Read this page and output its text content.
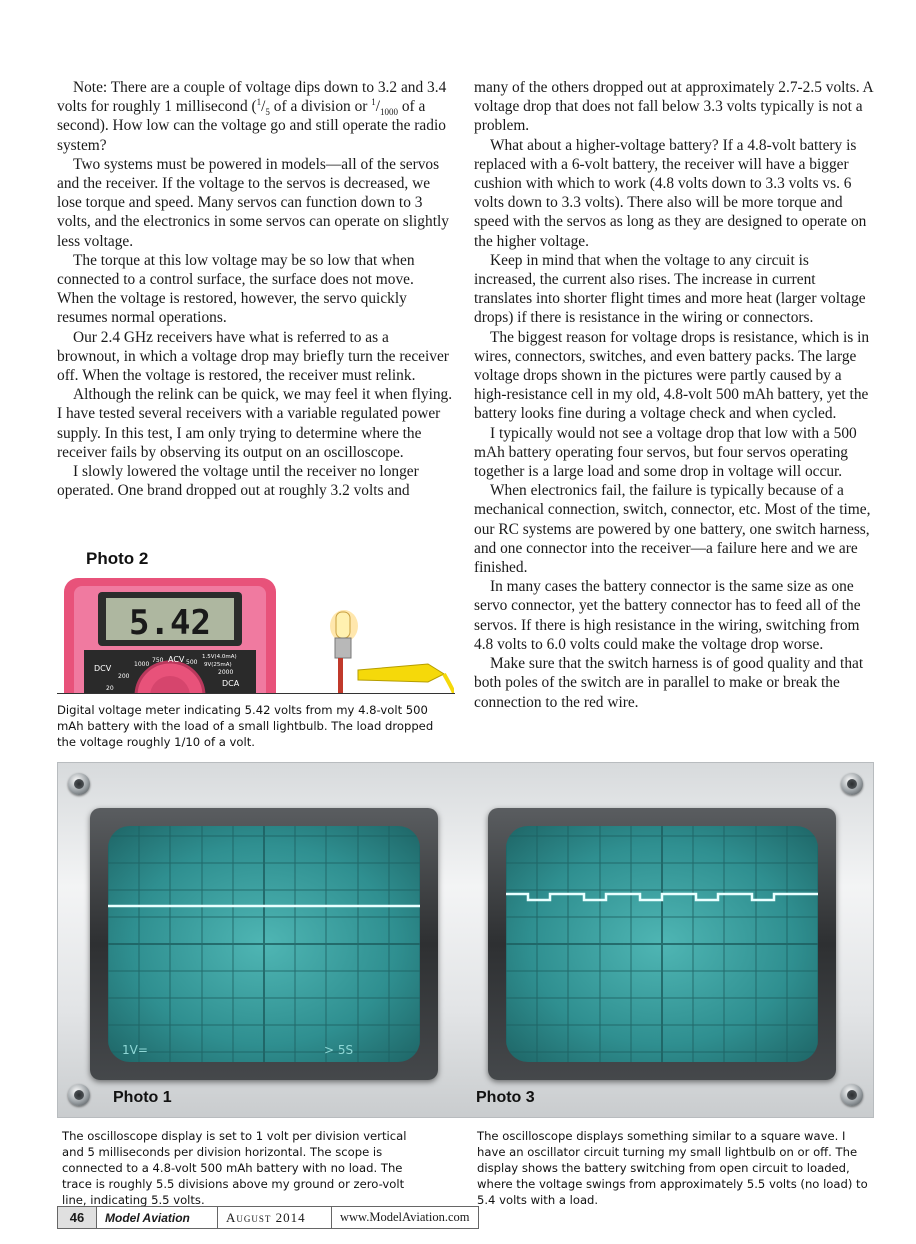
Note: There are a couple of voltage dips down to 3.2 and 3.4 volts for roughly 1 millisecond ($^1/_5$ of a division or $^1/_{1000}$ of a second). How low can the voltage go and still operate the radio system?

Two systems must be powered in models—all of the servos and the receiver. If the voltage to the servos is decreased, we lose torque and speed. Many servos can function down to 3 volts, and the electronics in some servos can operate on slightly less voltage.

The torque at this low voltage may be so low that when connected to a control surface, the surface does not move. When the voltage is restored, however, the servo quickly resumes normal operations.

Our 2.4 GHz receivers have what is referred to as a brownout, in which a voltage drop may briefly turn the receiver off. When the voltage is restored, the receiver must relink.

Although the relink can be quick, we may feel it when flying. I have tested several receivers with a variable regulated power supply. In this test, I am only trying to determine where the receiver fails by observing its output on an oscilloscope.

I slowly lowered the voltage until the receiver no longer operated. One brand dropped out at roughly 3.2 volts and

many of the others dropped out at approximately 2.7-2.5 volts. A voltage drop that does not fall below 3.3 volts typically is not a problem.

What about a higher-voltage battery? If a 4.8-volt battery is replaced with a 6-volt battery, the receiver will have a bigger cushion with which to work (4.8 volts down to 3.3 volts vs. 6 volts down to 3.3 volts). There also will be more torque and speed with the servos as long as they are designed to operate on the higher voltage.

Keep in mind that when the voltage to any circuit is increased, the current also rises. The increase in current translates into shorter flight times and more heat (larger voltage drops) if there is resistance in the wiring or connectors.

The biggest reason for voltage drops is resistance, which is in wires, connectors, switches, and even battery packs. The large voltage drops shown in the pictures were partly caused by a high-resistance cell in my old, 4.8-volt 500 mAh battery, yet the battery looks fine during a voltage check and when cycled.

I typically would not see a voltage drop that low with a 500 mAh battery operating four servos, but four servos operating together is a large load and some drop in voltage will occur.

When electronics fail, the failure is typically because of a mechanical connection, switch, connector, etc. Most of the time, our RC systems are powered by one battery, one switch harness, and one connector into the receiver—a failure here and we are finished.

In many cases the battery connector is the same size as one servo connector, yet the battery connector has to feed all of the servos. If there is high resistance in the wiring, switching from 4.8 volts to 6.0 volts could make the voltage drop worse.

Make sure that the switch harness is of good quality and that both poles of the switch are in parallel to make or break the connection to the red wire.

Photo 2
5.42
DCV	1000
200
20
750 ACV 500
1.5V(4.0mA)
9V(25mA)
DCA
2000
Digital voltage meter indicating 5.42 volts from my 4.8-volt 500 mAh battery with the load of a small lightbulb. The load dropped the voltage roughly 1/10 of a volt.
1V=	> 5S
Photo 1	Photo 3
The oscilloscope display is set to 1 volt per division vertical and 5 milliseconds per division horizontal. The scope is connected to a 4.8-volt 500 mAh battery with no load. The trace is roughly 5.5 divisions above my ground or zero-volt line, indicating 5.5 volts.
The oscilloscope displays something similar to a square wave. I have an oscillator circuit turning my small lightbulb on or off. The display shows the battery switching from open circuit to loaded, where the voltage swings from approximately 5.5 volts (no load) to 5.4 volts with a load.
46	Model Aviation	August 2014	www.ModelAviation.com
